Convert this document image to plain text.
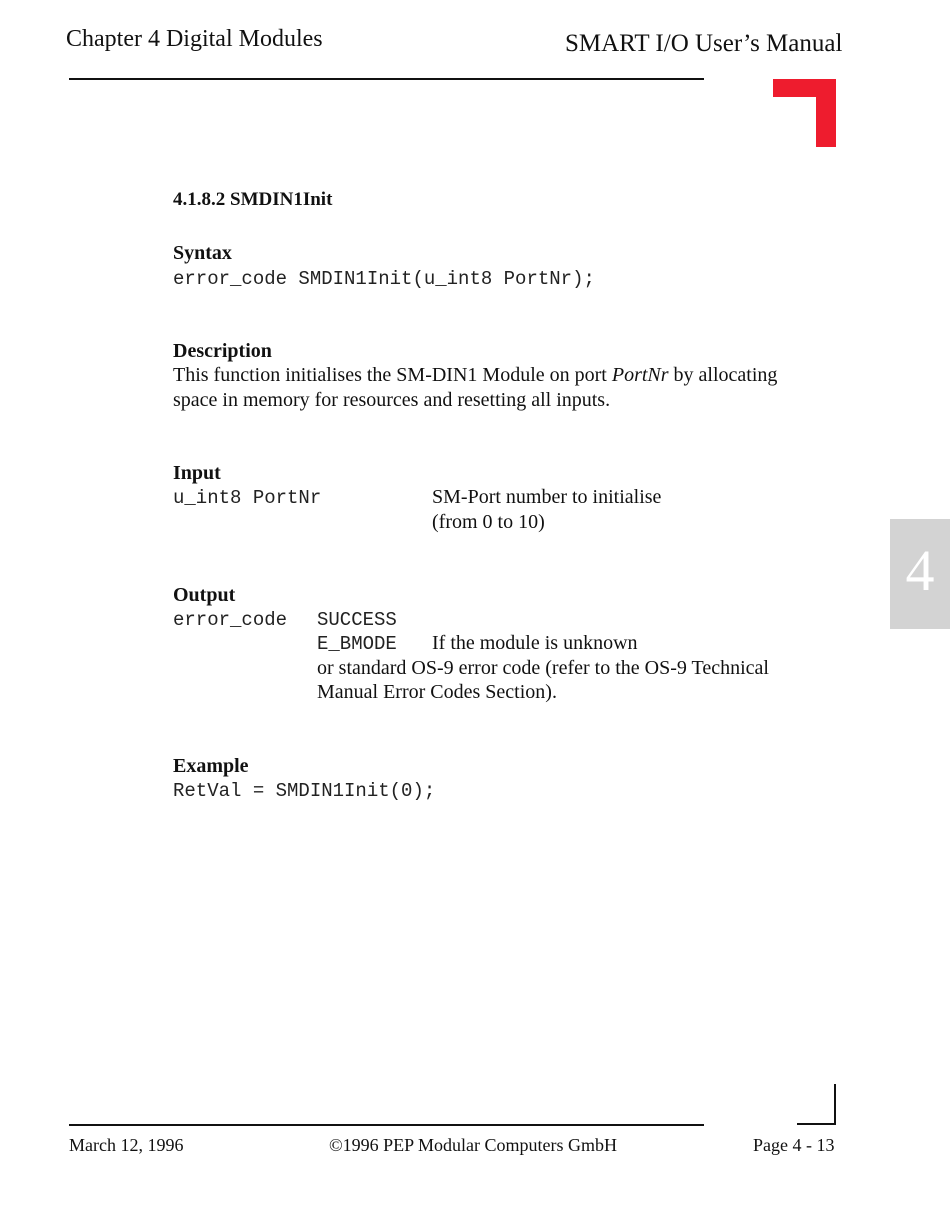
Chapter 4 Digital Modules	SMART I/O User’s Manual
4
4.1.8.2 SMDIN1Init
Syntax
error_code SMDIN1Init(u_int8 PortNr);
Description
This function initialises the SM-DIN1 Module on port PortNr by allocating
space in memory for resources and resetting all inputs.
Input
u_int8 PortNr	SM-Port number to initialise
(from 0 to 10)
Output
error_code SUCCESS
E_BMODE If the module is unknown
or standard OS-9 error code (refer to the OS-9 Technical
Manual Error Codes Section).
Example
RetVal = SMDIN1Init(0);
March 12, 1996	©1996 PEP Modular Computers GmbH	Page 4 - 13
